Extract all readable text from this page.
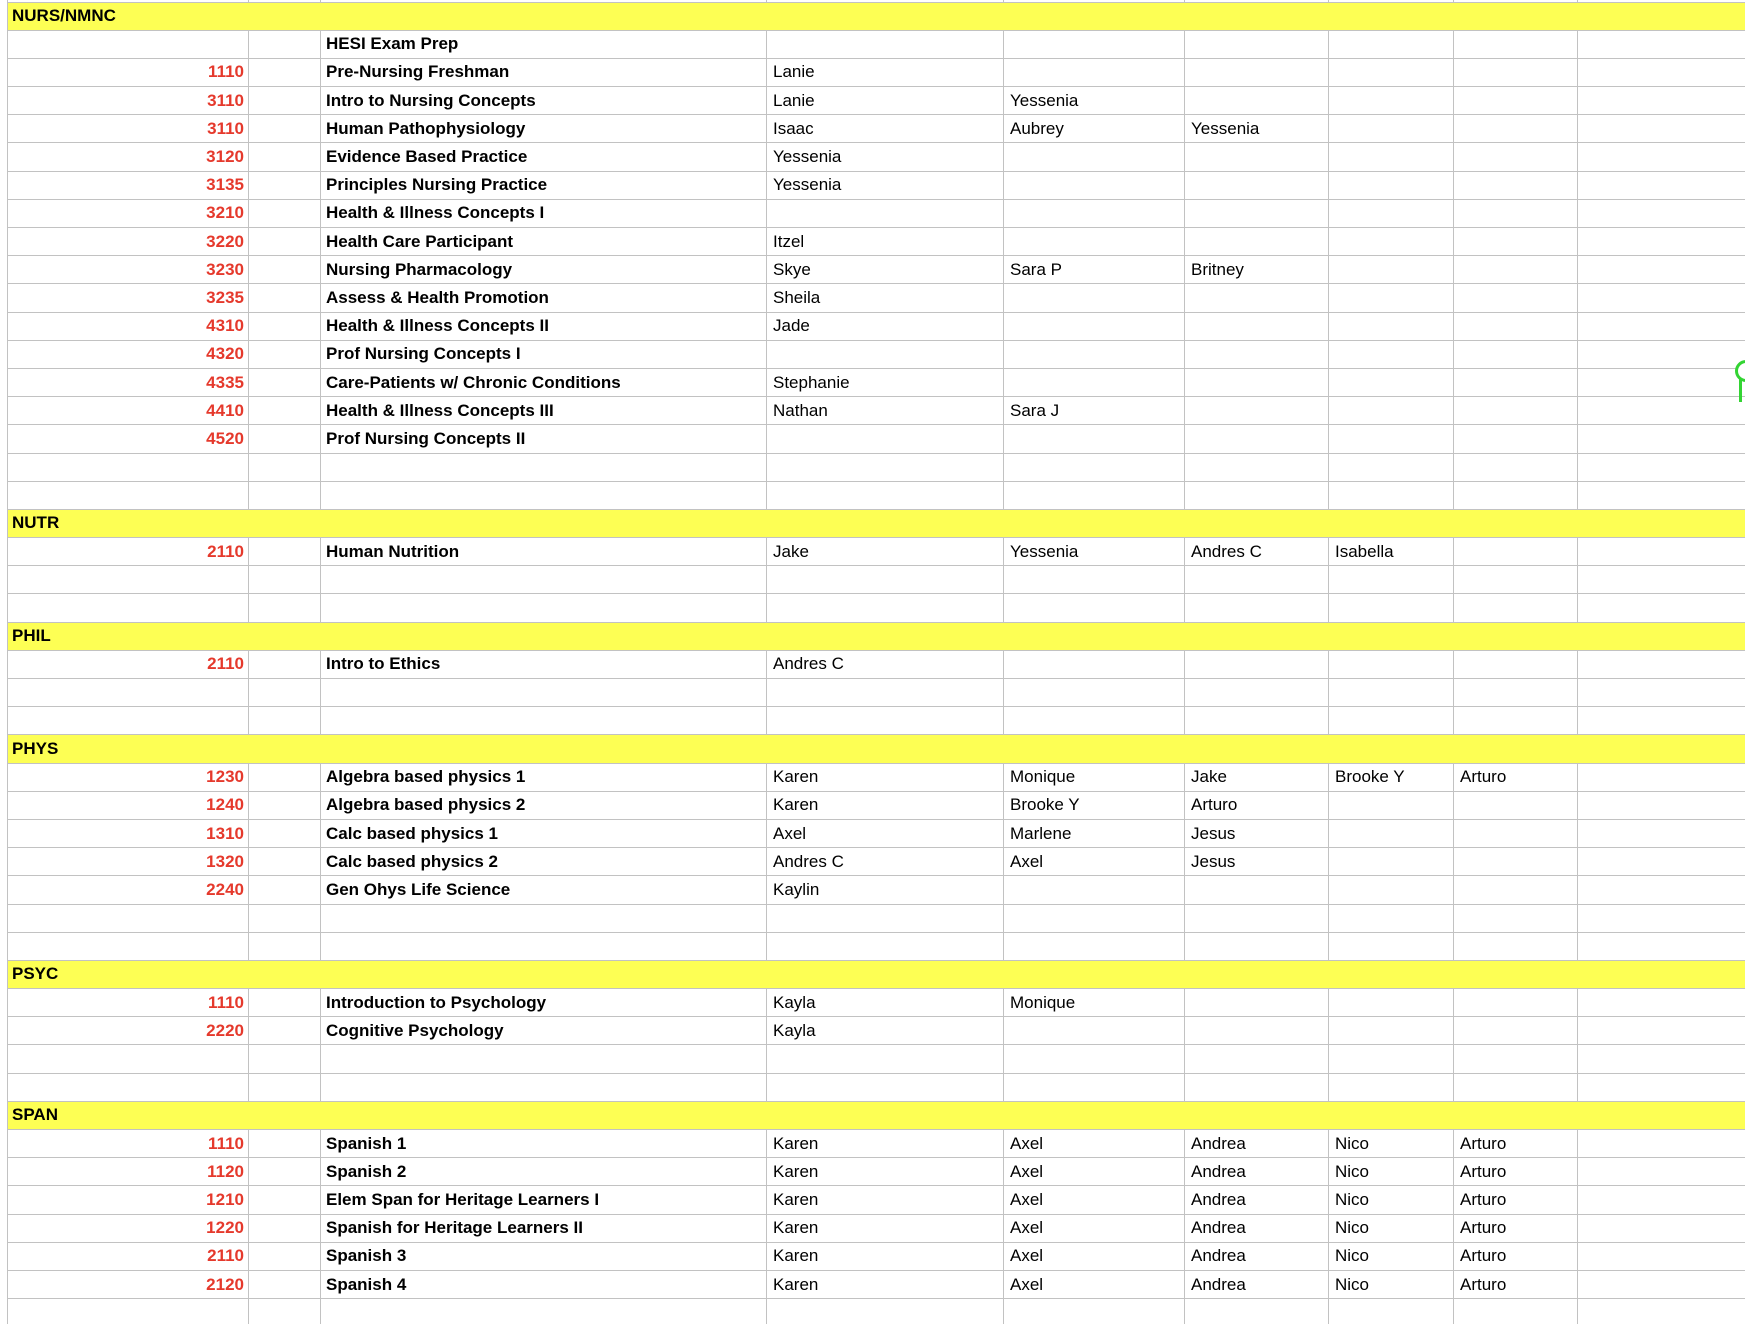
NURS/NMNC
HESI Exam Prep
1110	Pre-Nursing Freshman	Lanie
3110	Intro to Nursing Concepts	Lanie	Yessenia
3110	Human Pathophysiology	Isaac	Aubrey	Yessenia
3120	Evidence Based Practice	Yessenia
3135	Principles Nursing Practice	Yessenia
3210	Health & Illness Concepts I
3220	Health Care Participant	Itzel
3230	Nursing Pharmacology	Skye	Sara P	Britney
3235	Assess & Health Promotion	Sheila
4310	Health & Illness Concepts II	Jade
4320	Prof Nursing Concepts I
4335	Care-Patients w/ Chronic Conditions	Stephanie
4410	Health & Illness Concepts III	Nathan	Sara J
4520	Prof Nursing Concepts II
NUTR
2110	Human Nutrition	Jake	Yessenia	Andres C	Isabella
PHIL
2110	Intro to Ethics	Andres C
PHYS
1230	Algebra based physics 1	Karen	Monique	Jake	Brooke Y	Arturo
1240	Algebra based physics 2	Karen	Brooke Y	Arturo
1310	Calc based physics 1	Axel	Marlene	Jesus
1320	Calc based physics 2	Andres C	Axel	Jesus
2240	Gen Ohys Life Science	Kaylin
PSYC
1110	Introduction to Psychology	Kayla	Monique
2220	Cognitive Psychology	Kayla
SPAN
1110	Spanish 1	Karen	Axel	Andrea	Nico	Arturo
1120	Spanish 2	Karen	Axel	Andrea	Nico	Arturo
1210	Elem Span for Heritage Learners I	Karen	Axel	Andrea	Nico	Arturo
1220	Spanish for Heritage Learners II	Karen	Axel	Andrea	Nico	Arturo
2110	Spanish 3	Karen	Axel	Andrea	Nico	Arturo
2120	Spanish 4	Karen	Axel	Andrea	Nico	Arturo
